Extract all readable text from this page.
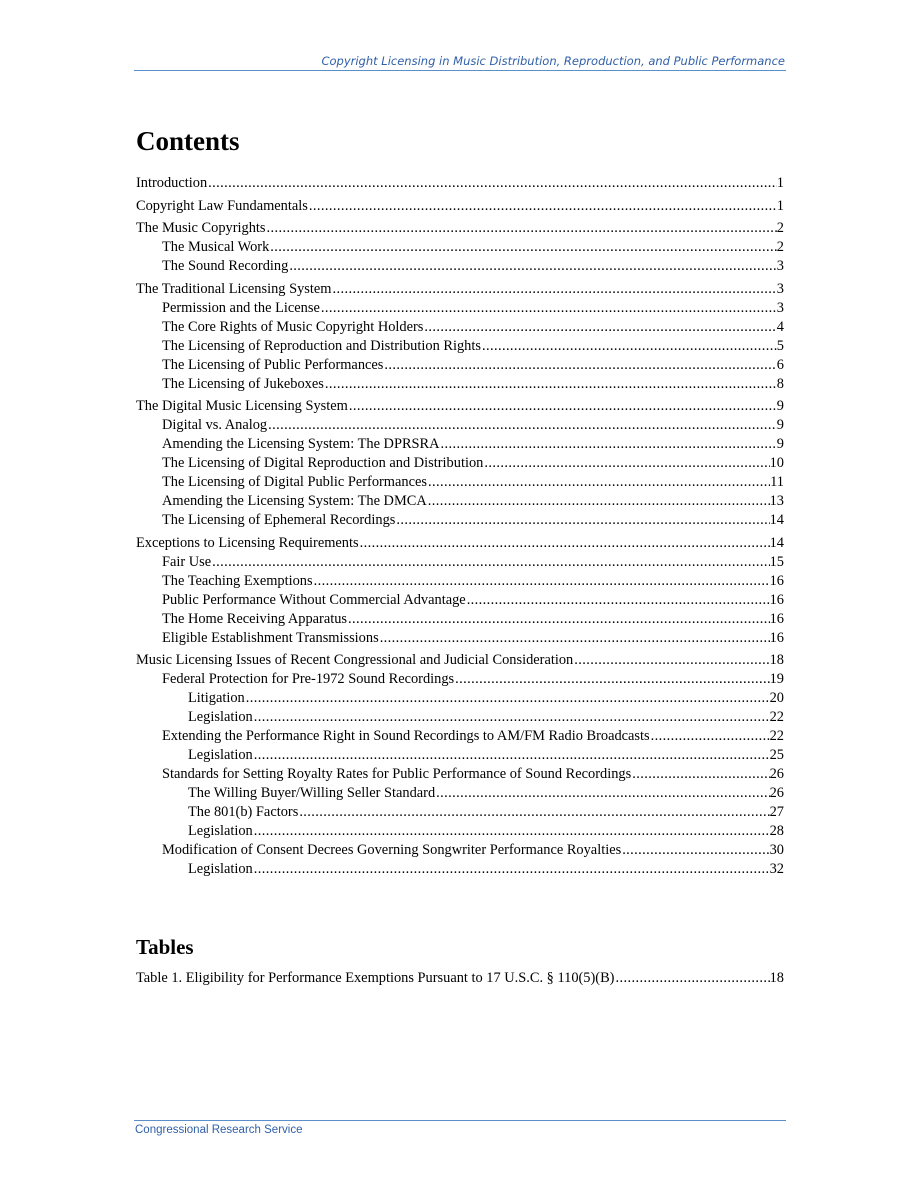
Copyright Licensing in Music Distribution, Reproduction, and Public Performance
Contents
Introduction .....	1
Copyright Law Fundamentals .....	1
The Music Copyrights .....	2
The Musical Work .....	2
The Sound Recording .....	3
The Traditional Licensing System .....	3
Permission and the License .....	3
The Core Rights of Music Copyright Holders .....	4
The Licensing of Reproduction and Distribution Rights .....	5
The Licensing of Public Performances .....	6
The Licensing of Jukeboxes .....	8
The Digital Music Licensing System .....	9
Digital vs. Analog .....	9
Amending the Licensing System: The DPRSRA .....	9
The Licensing of Digital Reproduction and Distribution .....	10
The Licensing of Digital Public Performances .....	11
Amending the Licensing System: The DMCA .....	13
The Licensing of Ephemeral Recordings .....	14
Exceptions to Licensing Requirements .....	14
Fair Use .....	15
The Teaching Exemptions .....	16
Public Performance Without Commercial Advantage .....	16
The Home Receiving Apparatus .....	16
Eligible Establishment Transmissions .....	16
Music Licensing Issues of Recent Congressional and Judicial Consideration .....	18
Federal Protection for Pre-1972 Sound Recordings .....	19
Litigation .....	20
Legislation .....	22
Extending the Performance Right in Sound Recordings to AM/FM Radio Broadcasts .....	22
Legislation .....	25
Standards for Setting Royalty Rates for Public Performance of Sound Recordings .....	26
The Willing Buyer/Willing Seller Standard .....	26
The 801(b) Factors .....	27
Legislation .....	28
Modification of Consent Decrees Governing Songwriter Performance Royalties .....	30
Legislation .....	32
Tables
Table 1. Eligibility for Performance Exemptions Pursuant to 17 U.S.C. § 110(5)(B) .....	18
Congressional Research Service
